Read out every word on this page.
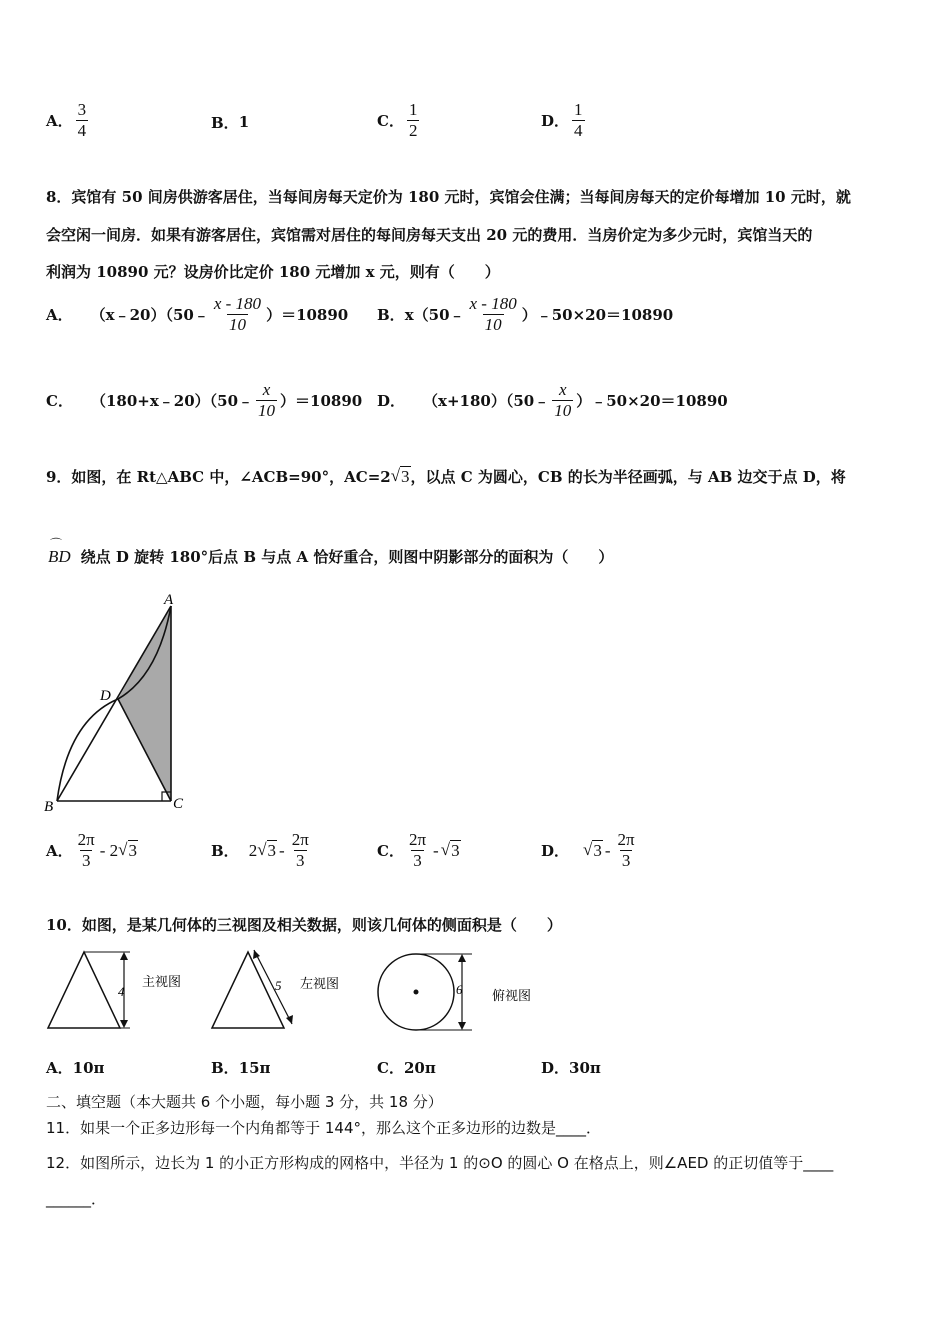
A． $\frac{3}{4}$	B． 1	C． $\frac{1}{2}$	D． $\frac{1}{4}$
8．宾馆有 50 间房供游客居住，当每间房每天定价为 180 元时，宾馆会住满；当每间房每天的定价每增加 10 元时，就
会空闲一间房．如果有游客居住，宾馆需对居住的每间房每天支出 20 元的费用．当房价定为多少元时，宾馆当天的
利润为 10890 元？设房价比定价 180 元增加 x 元，则有（　　）
A． （x﹣20）（50﹣ $\frac{x - 180}{10} )=10890$ B． x（50﹣ $\frac{x - 180}{10}$ ）﹣50×20＝10890
C． （180+x﹣20）（50﹣ $\frac{x}{10} )=10890$ D． （x+180）（50﹣ $\frac{x}{10}$ ）﹣50×20＝10890
9．如图，在 Rt△ABC 中，∠ACB=90°，AC=2 √ 3 ，以点 C 为圆心，CB 的长为半径画弧，与 AB 边交于点 D，将
⌒
BD 绕点 D 旋转 180°后点 B 与点 A 恰好重合，则图中阴影部分的面积为（　　）
A
D
B	C
A． $\frac{2\pi}{3} - 2$ √ 3	B． 2 √ $3 - \frac{2\pi}{3}$	C． $\frac{2\pi}{3}$ - √ 3	D． √ $3 - \frac{2\pi}{3}$
10．如图，是某几何体的三视图及相关数据，则该几何体的侧面积是（　　）
4
主视图	5 左视图	6 俯视图
A． 10π	B． 15π	C． 20π	D． 30π
二、填空题（本大题共 6 个小题，每小题 3 分，共 18 分）
11．如果一个正多边形每一个内角都等于 144°，那么这个正多边形的边数是____．
12．如图所示，边长为 1 的小正方形构成的网格中，半径为 1 的⊙O 的圆心 O 在格点上，则∠AED 的正切值等于____
______．
